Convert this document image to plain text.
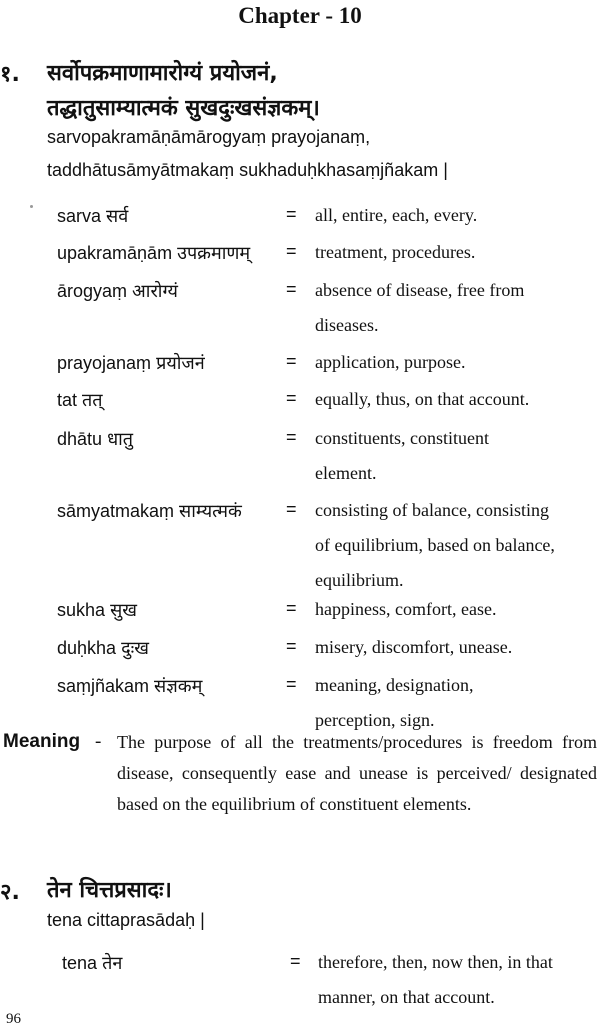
Chapter - 10
१. सर्वोपक्रमाणामारोग्यं प्रयोजनं,
तद्धातुसाम्यात्मकं सुखदुःखसंज्ञकम्।
sarvopakramāṇāmārogyaṃ prayojanaṃ,
taddhātusāmyātmakaṃ sukhaduḥkhasaṃjñakam |
sarva सर्व	= all, entire, each, every.
upakramāṇām उपक्रमाणम् = treatment, procedures.
ārogyaṃ आरोग्यं	= absence of disease, free from
diseases.
prayojanaṃ प्रयोजनं	= application, purpose.
tat तत्	= equally, thus, on that account.
dhātu धातु	= constituents, constituent
element.
sāmyatmakaṃ साम्यत्मकं = consisting of balance, consisting
of equilibrium, based on balance,
equilibrium.
sukha सुख	= happiness, comfort, ease.
duḥkha दुःख	= misery, discomfort, unease.
saṃjñakam संज्ञकम्	= meaning, designation,
perception, sign.
Meaning - The purpose of all the treatments/procedures is freedom from disease, consequently ease and unease is perceived/ designated based on the equilibrium of constituent elements.
२. तेन चित्तप्रसादः।
tena cittaprasādaḥ |
tena तेन	= therefore, then, now then, in that
manner, on that account.
96
